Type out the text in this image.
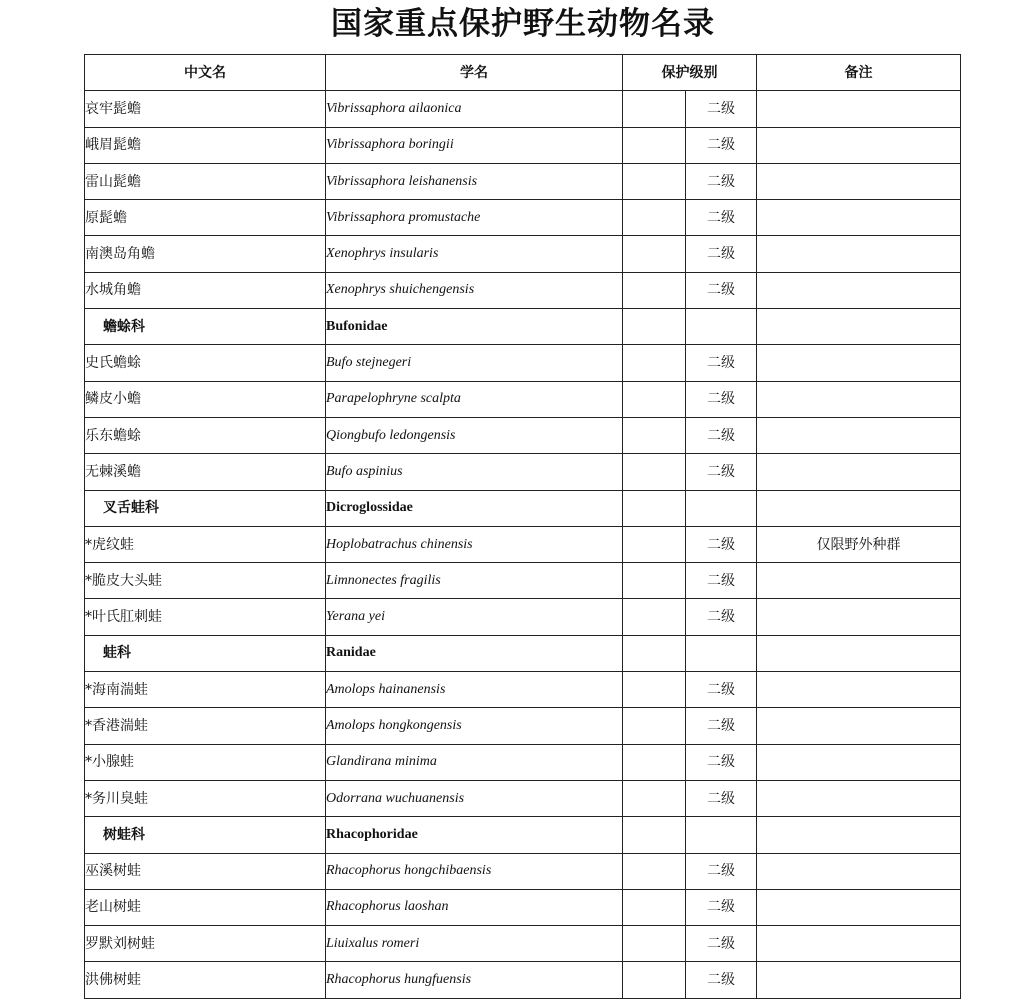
国家重点保护野生动物名录
中文名	学名	保护级别		备注
哀牢髭蟾	Vibrissaphora ailaonica		二级	
峨眉髭蟾	Vibrissaphora boringii		二级	
雷山髭蟾	Vibrissaphora leishanensis		二级	
原髭蟾	Vibrissaphora promustache		二级	
南澳岛角蟾	Xenophrys insularis		二级	
水城角蟾	Xenophrys shuichengensis		二级	
蟾蜍科	Bufonidae			
史氏蟾蜍	Bufo stejnegeri		二级	
鳞皮小蟾	Parapelophryne scalpta		二级	
乐东蟾蜍	Qiongbufo ledongensis		二级	
无棘溪蟾	Bufo aspinius		二级	
叉舌蛙科	Dicroglossidae			
*虎纹蛙	Hoplobatrachus chinensis		二级	仅限野外种群
*脆皮大头蛙	Limnonectes fragilis		二级	
*叶氏肛刺蛙	Yerana yei		二级	
蛙科	Ranidae			
*海南湍蛙	Amolops hainanensis		二级	
*香港湍蛙	Amolops hongkongensis		二级	
*小腺蛙	Glandirana minima		二级	
*务川臭蛙	Odorrana wuchuanensis		二级	
树蛙科	Rhacophoridae			
巫溪树蛙	Rhacophorus hongchibaensis		二级	
老山树蛙	Rhacophorus laoshan		二级	
罗默刘树蛙	Liuixalus romeri		二级	
洪佛树蛙	Rhacophorus hungfuensis		二级	
